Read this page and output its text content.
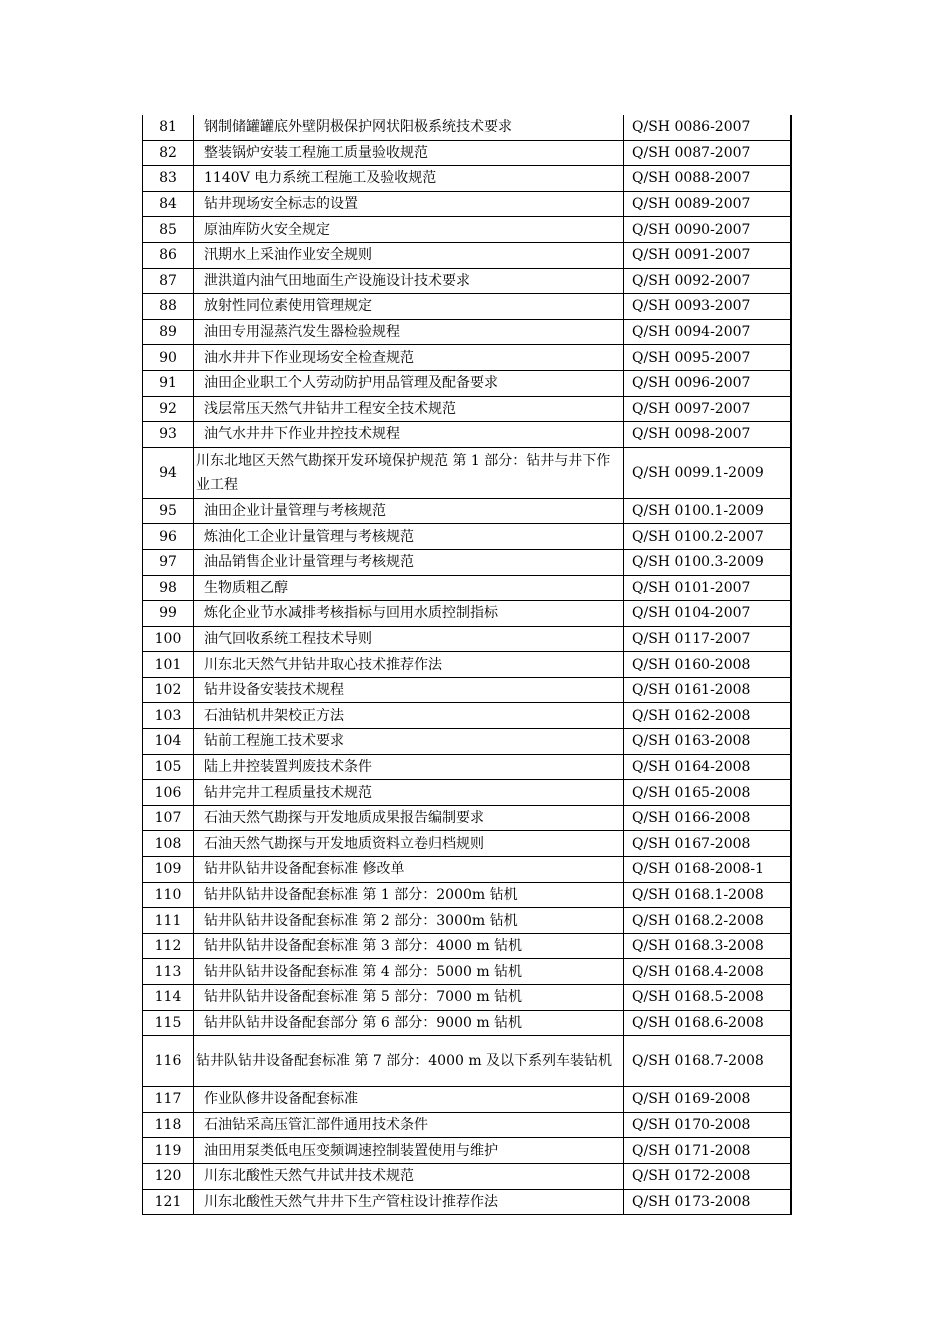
81	钢制储罐罐底外壁阴极保护网状阳极系统技术要求	Q/SH 0086-2007
82	整装锅炉安装工程施工质量验收规范	Q/SH 0087-2007
83	1140V 电力系统工程施工及验收规范	Q/SH 0088-2007
84	钻井现场安全标志的设置	Q/SH 0089-2007
85	原油库防火安全规定	Q/SH 0090-2007
86	汛期水上采油作业安全规则	Q/SH 0091-2007
87	泄洪道内油气田地面生产设施设计技术要求	Q/SH 0092-2007
88	放射性同位素使用管理规定	Q/SH 0093-2007
89	油田专用湿蒸汽发生器检验规程	Q/SH 0094-2007
90	油水井井下作业现场安全检查规范	Q/SH 0095-2007
91	油田企业职工个人劳动防护用品管理及配备要求	Q/SH 0096-2007
92	浅层常压天然气井钻井工程安全技术规范	Q/SH 0097-2007
93	油气水井井下作业井控技术规程	Q/SH 0098-2007
94	川东北地区天然气勘探开发环境保护规范 第 1 部分：钻井与井下作业工程	Q/SH 0099.1-2009
95	油田企业计量管理与考核规范	Q/SH 0100.1-2009
96	炼油化工企业计量管理与考核规范	Q/SH 0100.2-2007
97	油品销售企业计量管理与考核规范	Q/SH 0100.3-2009
98	生物质粗乙醇	Q/SH 0101-2007
99	炼化企业节水减排考核指标与回用水质控制指标	Q/SH 0104-2007
100	油气回收系统工程技术导则	Q/SH 0117-2007
101	川东北天然气井钻井取心技术推荐作法	Q/SH 0160-2008
102	钻井设备安装技术规程	Q/SH 0161-2008
103	石油钻机井架校正方法	Q/SH 0162-2008
104	钻前工程施工技术要求	Q/SH 0163-2008
105	陆上井控装置判废技术条件	Q/SH 0164-2008
106	钻井完井工程质量技术规范	Q/SH 0165-2008
107	石油天然气勘探与开发地质成果报告编制要求	Q/SH 0166-2008
108	石油天然气勘探与开发地质资料立卷归档规则	Q/SH 0167-2008
109	钻井队钻井设备配套标准 修改单	Q/SH 0168-2008-1
110	钻井队钻井设备配套标准 第 1 部分：2000m 钻机	Q/SH 0168.1-2008
111	钻井队钻井设备配套标准 第 2 部分：3000m 钻机	Q/SH 0168.2-2008
112	钻井队钻井设备配套标准 第 3 部分：4000 m 钻机	Q/SH 0168.3-2008
113	钻井队钻井设备配套标准 第 4 部分：5000 m 钻机	Q/SH 0168.4-2008
114	钻井队钻井设备配套标准 第 5 部分：7000 m 钻机	Q/SH 0168.5-2008
115	钻井队钻井设备配套部分 第 6 部分：9000 m 钻机	Q/SH 0168.6-2008
116	钻井队钻井设备配套标准 第 7 部分：4000 m 及以下系列车装钻机	Q/SH 0168.7-2008
117	作业队修井设备配套标准	Q/SH 0169-2008
118	石油钻采高压管汇部件通用技术条件	Q/SH 0170-2008
119	油田用泵类低电压变频调速控制装置使用与维护	Q/SH 0171-2008
120	川东北酸性天然气井试井技术规范	Q/SH 0172-2008
121	川东北酸性天然气井井下生产管柱设计推荐作法	Q/SH 0173-2008
